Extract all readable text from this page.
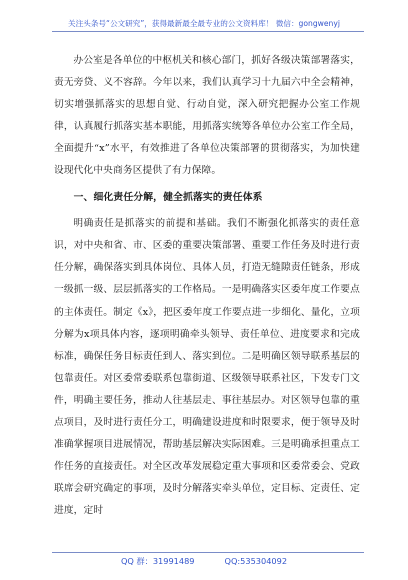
关注头条号“公文研究”，获得最新最全最专业的公文资料库！ 微信：gongwenyj

办公室是各单位的中枢机关和核心部门，抓好各级决策部署落实，责无旁贷、义不容辞。今年以来，我们认真学习十九届六中全会精神，切实增强抓落实的思想自觉、行动自觉，深入研究把握办公室工作规律，认真履行抓落实基本职能，用抓落实统筹各单位办公室工作全局，全面提升“x”水平，有效推进了各单位决策部署的贯彻落实，为加快建设现代化中央商务区提供了有力保障。

一、细化责任分解，健全抓落实的责任体系

明确责任是抓落实的前提和基础。我们不断强化抓落实的责任意识，对中央和省、市、区委的重要决策部署、重要工作任务及时进行责任分解，确保落实到具体岗位、具体人员，打造无缝隙责任链条，形成一级抓一级、层层抓落实的工作格局。一是明确落实区委年度工作要点的主体责任。制定《x》，把区委年度工作要点进一步细化、量化，立项分解为x项具体内容，逐项明确牵头领导、责任单位、进度要求和完成标准，确保任务目标责任到人、落实到位。二是明确区领导联系基层的包靠责任。对区委常委联系包靠街道、区级领导联系社区，下发专门文件，明确主要任务，推动人往基层走、事往基层办。对区领导包靠的重点项目，及时进行责任分工，明确建设进度和时限要求，便于领导及时准确掌握项目进展情况，帮助基层解决实际困难。三是明确承担重点工作任务的直接责任。对全区改革发展稳定重大事项和区委常委会、党政联席会研究确定的事项，及时分解落实牵头单位，定目标、定责任、定进度，定时

QQ 群：31991489	QQ:535304092
